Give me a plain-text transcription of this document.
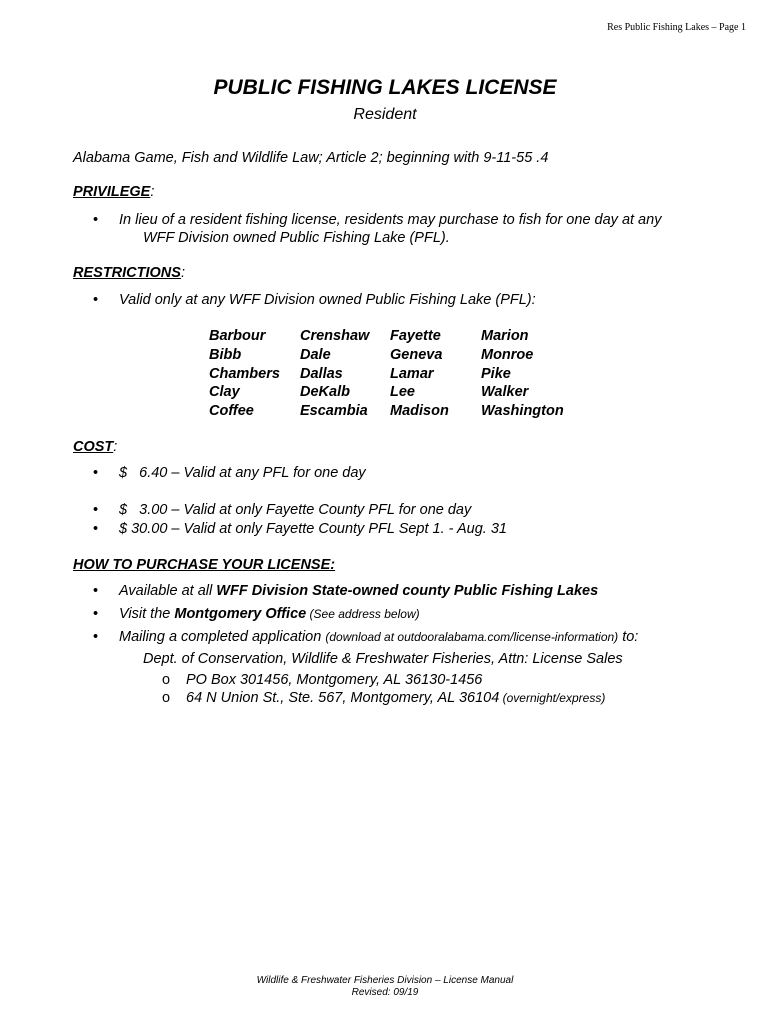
Res Public Fishing Lakes – Page 1
PUBLIC FISHING LAKES LICENSE
Resident
Alabama Game, Fish and Wildlife Law; Article 2; beginning with 9-11-55 .4
PRIVILEGE:
• In lieu of a resident fishing license, residents may purchase to fish for one day at any
WFF Division owned Public Fishing Lake (PFL).
RESTRICTIONS:
• Valid only at any WFF Division owned Public Fishing Lake (PFL):
Barbour
Bibb
Chambers
Clay
Coffee
Crenshaw
Dale
Dallas
DeKalb
Escambia
Fayette
Geneva
Lamar
Lee
Madison
Marion
Monroe
Pike
Walker
Washington
COST:
• $   6.40 – Valid at any PFL for one day
• $   3.00 – Valid at only Fayette County PFL for one day
• $ 30.00 – Valid at only Fayette County PFL Sept 1. - Aug. 31
HOW TO PURCHASE YOUR LICENSE:
• Available at all WFF Division State-owned county Public Fishing Lakes
• Visit the Montgomery Office (See address below)
• Mailing a completed application (download at outdooralabama.com/license-information) to:
Dept. of Conservation, Wildlife & Freshwater Fisheries, Attn: License Sales
o PO Box 301456, Montgomery, AL 36130-1456
o 64 N Union St., Ste. 567, Montgomery, AL 36104 (overnight/express)
Wildlife & Freshwater Fisheries Division – License Manual
Revised: 09/19
